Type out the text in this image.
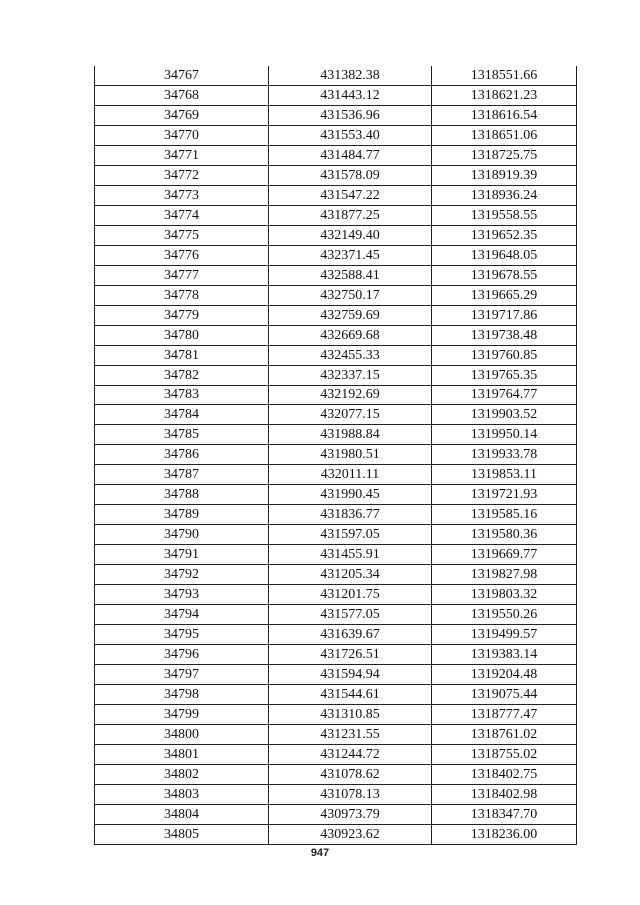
34767	431382.38	1318551.66
34768	431443.12	1318621.23
34769	431536.96	1318616.54
34770	431553.40	1318651.06
34771	431484.77	1318725.75
34772	431578.09	1318919.39
34773	431547.22	1318936.24
34774	431877.25	1319558.55
34775	432149.40	1319652.35
34776	432371.45	1319648.05
34777	432588.41	1319678.55
34778	432750.17	1319665.29
34779	432759.69	1319717.86
34780	432669.68	1319738.48
34781	432455.33	1319760.85
34782	432337.15	1319765.35
34783	432192.69	1319764.77
34784	432077.15	1319903.52
34785	431988.84	1319950.14
34786	431980.51	1319933.78
34787	432011.11	1319853.11
34788	431990.45	1319721.93
34789	431836.77	1319585.16
34790	431597.05	1319580.36
34791	431455.91	1319669.77
34792	431205.34	1319827.98
34793	431201.75	1319803.32
34794	431577.05	1319550.26
34795	431639.67	1319499.57
34796	431726.51	1319383.14
34797	431594.94	1319204.48
34798	431544.61	1319075.44
34799	431310.85	1318777.47
34800	431231.55	1318761.02
34801	431244.72	1318755.02
34802	431078.62	1318402.75
34803	431078.13	1318402.98
34804	430973.79	1318347.70
34805	430923.62	1318236.00
947
